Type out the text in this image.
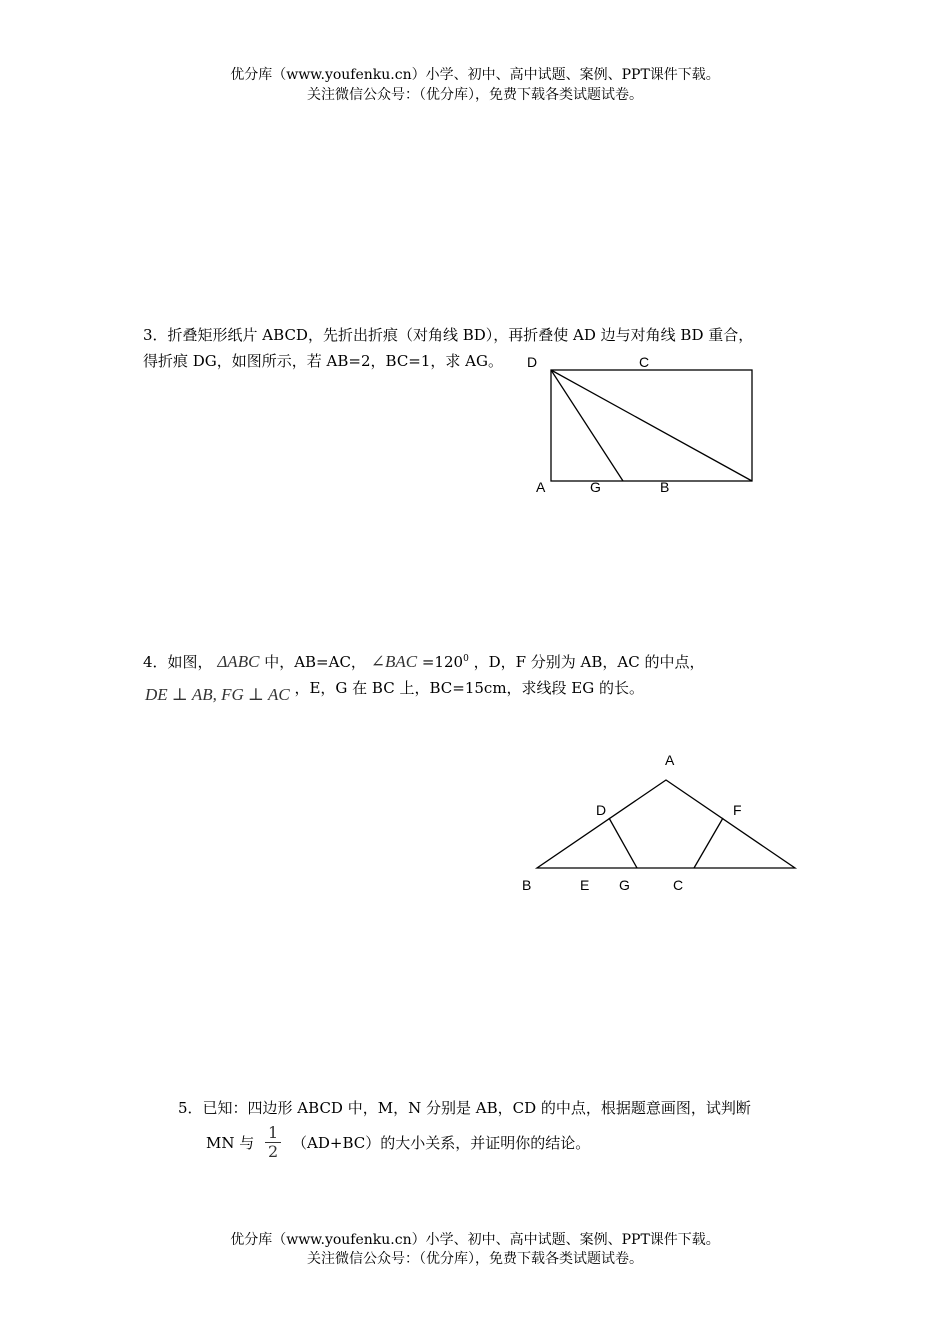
优分库（www.youfenku.cn）小学、初中、高中试题、案例、PPT课件下载。
关注微信公众号：（优分库），免费下载各类试题试卷。
3．折叠矩形纸片 ABCD，先折出折痕（对角线 BD），再折叠使 AD 边与对角线 BD 重合，
得折痕 DG，如图所示，若 AB=2，BC=1，求 AG。 D	C
A	G	B
4．如图， ΔABC 中，AB=AC， ∠BAC $=120^0$ ，D，F 分别为 AB，AC 的中点，
DE ⊥ AB, FG ⊥ AC ，E，G 在 BC 上，BC=15cm，求线段 EG 的长。
A
D	F
B	E G	C
5．已知：四边形 ABCD 中，M，N 分别是 AB，CD 的中点，根据题意画图，试判断
MN 与 $\frac{1}{2} (AD+BC)$的大小关系，并证明你的结论。
优分库（www.youfenku.cn）小学、初中、高中试题、案例、PPT课件下载。
关注微信公众号：（优分库），免费下载各类试题试卷。
